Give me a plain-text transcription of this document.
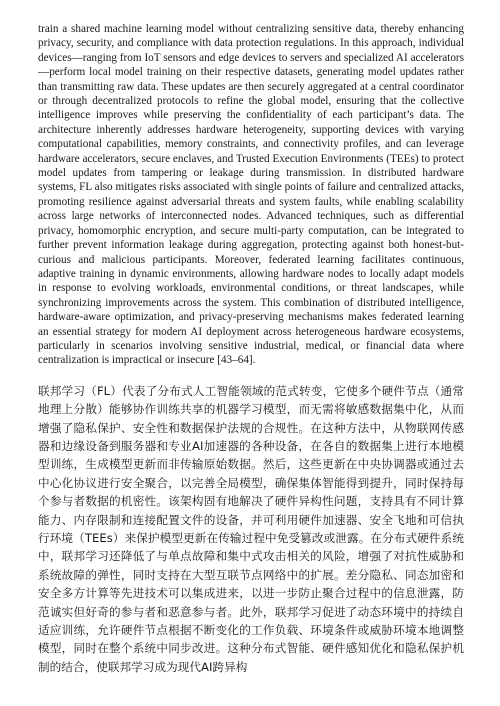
train a shared machine learning model without centralizing sensitive data, thereby enhancing privacy, security, and compliance with data protection regulations. In this approach, individual devices—ranging from IoT sensors and edge devices to servers and specialized AI accelerators—perform local model training on their respective datasets, generating model updates rather than transmitting raw data. These updates are then securely aggregated at a central coordinator or through decentralized protocols to refine the global model, ensuring that the collective intelligence improves while preserving the confidentiality of each participant’s data. The architecture inherently addresses hardware heterogeneity, supporting devices with varying computational capabilities, memory constraints, and connectivity profiles, and can leverage hardware accelerators, secure enclaves, and Trusted Execution Environments (TEEs) to protect model updates from tampering or leakage during transmission. In distributed hardware systems, FL also mitigates risks associated with single points of failure and centralized attacks, promoting resilience against adversarial threats and system faults, while enabling scalability across large networks of interconnected nodes. Advanced techniques, such as differential privacy, homomorphic encryption, and secure multi-party computation, can be integrated to further prevent information leakage during aggregation, protecting against both honest-but-curious and malicious participants. Moreover, federated learning facilitates continuous, adaptive training in dynamic environments, allowing hardware nodes to locally adapt models in response to evolving workloads, environmental conditions, or threat landscapes, while synchronizing improvements across the system. This combination of distributed intelligence, hardware-aware optimization, and privacy-preserving mechanisms makes federated learning an essential strategy for modern AI deployment across heterogeneous hardware ecosystems, particularly in scenarios involving sensitive industrial, medical, or financial data where centralization is impractical or insecure [43–64].

联邦学习（FL）代表了分布式人工智能领域的范式转变，它使多个硬件节点（通常地理上分散）能够协作训练共享的机器学习模型，而无需将敏感数据集中化，从而增强了隐私保护、安全性和数据保护法规的合规性。在这种方法中，从物联网传感器和边缘设备到服务器和专业AI加速器的各种设备，在各自的数据集上进行本地模型训练，生成模型更新而非传输原始数据。然后，这些更新在中央协调器或通过去中心化协议进行安全聚合，以完善全局模型，确保集体智能得到提升，同时保持每个参与者数据的机密性。该架构固有地解决了硬件异构性问题，支持具有不同计算能力、内存限制和连接配置文件的设备，并可利用硬件加速器、安全飞地和可信执行环境（TEEs）来保护模型更新在传输过程中免受篡改或泄露。在分布式硬件系统中，联邦学习还降低了与单点故障和集中式攻击相关的风险，增强了对抗性威胁和系统故障的弹性，同时支持在大型互联节点网络中的扩展。差分隐私、同态加密和安全多方计算等先进技术可以集成进来，以进一步防止聚合过程中的信息泄露，防范诚实但好奇的参与者和恶意参与者。此外，联邦学习促进了动态环境中的持续自适应训练，允许硬件节点根据不断变化的工作负载、环境条件或威胁环境本地调整模型，同时在整个系统中同步改进。这种分布式智能、硬件感知优化和隐私保护机制的结合，使联邦学习成为现代AI跨异构
